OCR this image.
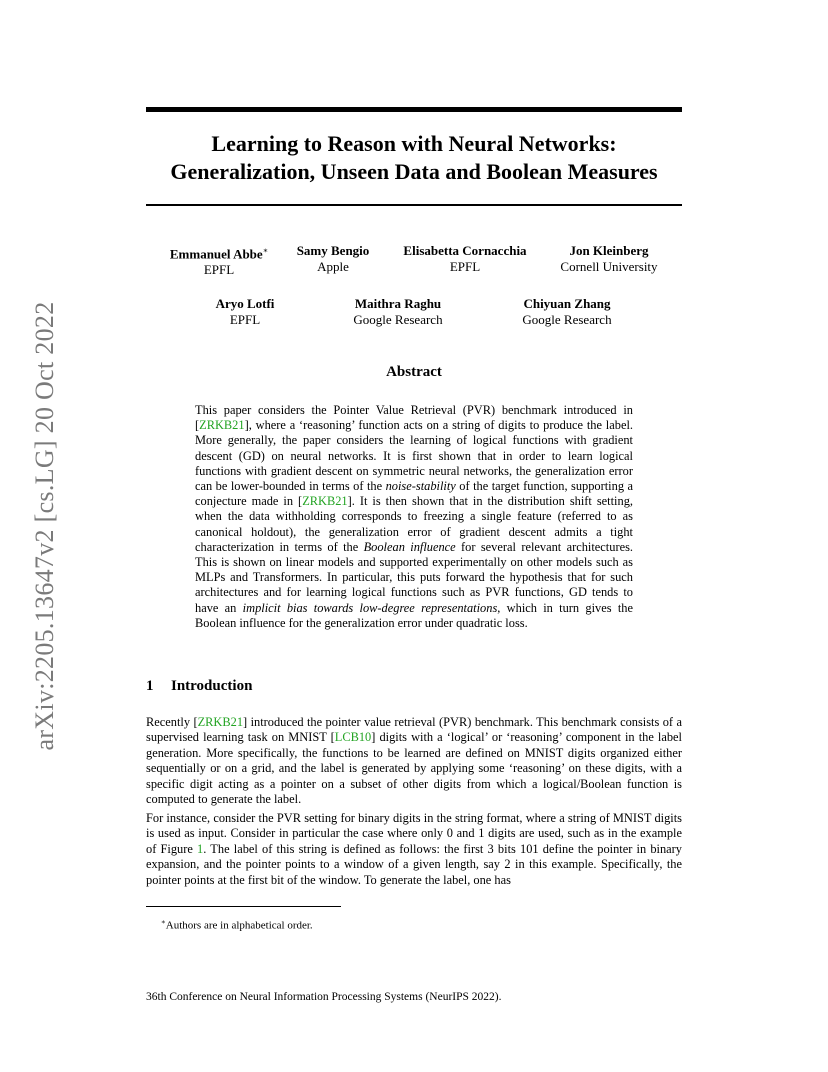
arXiv:2205.13647v2 [cs.LG] 20 Oct 2022
Learning to Reason with Neural Networks:
Generalization, Unseen Data and Boolean Measures
Emmanuel Abbe∗
EPFL
Samy Bengio
Apple
Elisabetta Cornacchia
EPFL
Jon Kleinberg
Cornell University
Aryo Lotfi
EPFL
Maithra Raghu
Google Research
Chiyuan Zhang
Google Research
Abstract
This paper considers the Pointer Value Retrieval (PVR) benchmark introduced in [ZRKB21], where a ‘reasoning’ function acts on a string of digits to produce the label. More generally, the paper considers the learning of logical functions with gradient descent (GD) on neural networks. It is first shown that in order to learn logical functions with gradient descent on symmetric neural networks, the generalization error can be lower-bounded in terms of the noise-stability of the target function, supporting a conjecture made in [ZRKB21]. It is then shown that in the distribution shift setting, when the data withholding corresponds to freezing a single feature (referred to as canonical holdout), the generalization error of gradient descent admits a tight characterization in terms of the Boolean influence for several relevant architectures. This is shown on linear models and supported experimentally on other models such as MLPs and Transformers. In particular, this puts forward the hypothesis that for such architectures and for learning logical functions such as PVR functions, GD tends to have an implicit bias towards low-degree representations, which in turn gives the Boolean influence for the generalization error under quadratic loss.
1 Introduction
Recently [ZRKB21] introduced the pointer value retrieval (PVR) benchmark. This benchmark consists of a supervised learning task on MNIST [LCB10] digits with a ‘logical’ or ‘reasoning’ component in the label generation. More specifically, the functions to be learned are defined on MNIST digits organized either sequentially or on a grid, and the label is generated by applying some ‘reasoning’ on these digits, with a specific digit acting as a pointer on a subset of other digits from which a logical/Boolean function is computed to generate the label.
For instance, consider the PVR setting for binary digits in the string format, where a string of MNIST digits is used as input. Consider in particular the case where only 0 and 1 digits are used, such as in the example of Figure 1. The label of this string is defined as follows: the first 3 bits 101 define the pointer in binary expansion, and the pointer points to a window of a given length, say 2 in this example. Specifically, the pointer points at the first bit of the window. To generate the label, one has
∗Authors are in alphabetical order.
36th Conference on Neural Information Processing Systems (NeurIPS 2022).
